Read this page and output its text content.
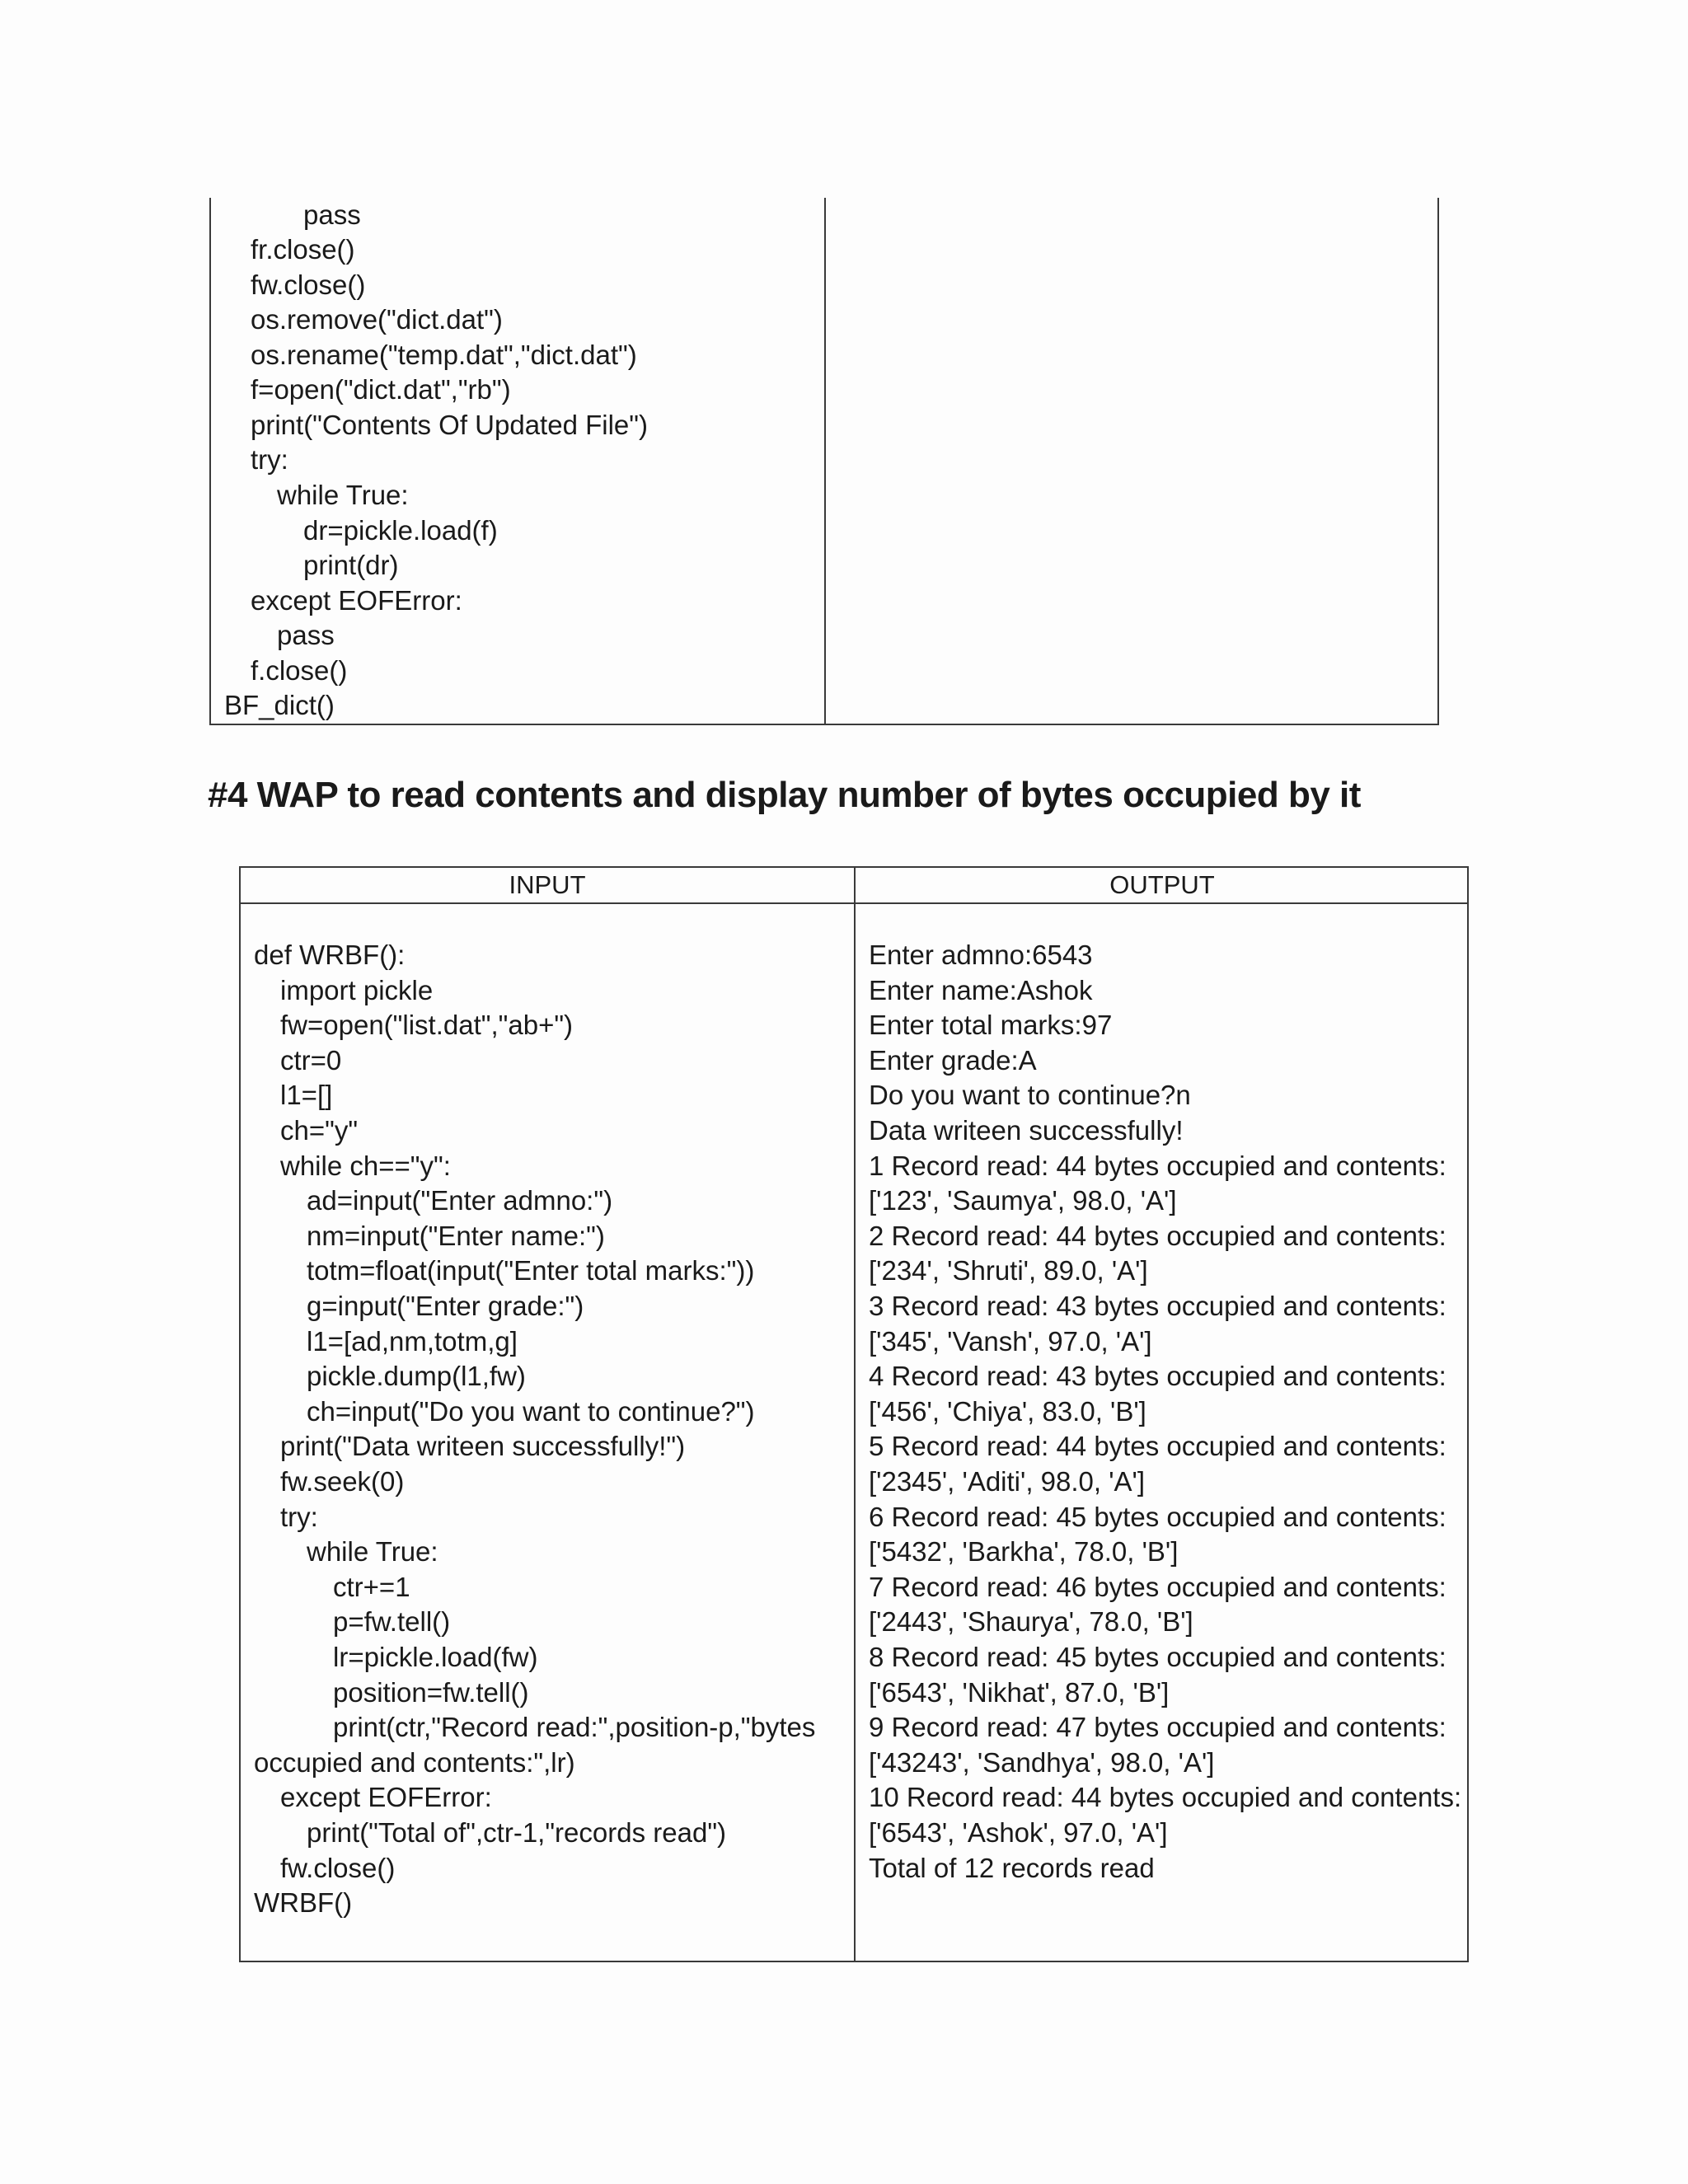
pass
fr.close()
fw.close()
os.remove("dict.dat")
os.rename("temp.dat","dict.dat")
f=open("dict.dat","rb")
print("Contents Of Updated File")
try:
while True:
dr=pickle.load(f)
print(dr)
except EOFError:
pass
f.close()
BF_dict()
#4 WAP to read contents and display number of bytes occupied by it
INPUT	OUTPUT
def WRBF():
import pickle
fw=open("list.dat","ab+")
ctr=0
l1=[]
ch="y"
while ch=="y":
ad=input("Enter admno:")
nm=input("Enter name:")
totm=float(input("Enter total marks:"))
g=input("Enter grade:")
l1=[ad,nm,totm,g]
pickle.dump(l1,fw)
ch=input("Do you want to continue?")
print("Data writeen successfully!")
fw.seek(0)
try:
while True:
ctr+=1
p=fw.tell()
lr=pickle.load(fw)
position=fw.tell()
print(ctr,"Record read:",position-p,"bytes
occupied and contents:",lr)
except EOFError:
print("Total of",ctr-1,"records read")
fw.close()
WRBF()
Enter admno:6543
Enter name:Ashok
Enter total marks:97
Enter grade:A
Do you want to continue?n
Data writeen successfully!
1 Record read: 44 bytes occupied and contents:
['123', 'Saumya', 98.0, 'A']
2 Record read: 44 bytes occupied and contents:
['234', 'Shruti', 89.0, 'A']
3 Record read: 43 bytes occupied and contents:
['345', 'Vansh', 97.0, 'A']
4 Record read: 43 bytes occupied and contents:
['456', 'Chiya', 83.0, 'B']
5 Record read: 44 bytes occupied and contents:
['2345', 'Aditi', 98.0, 'A']
6 Record read: 45 bytes occupied and contents:
['5432', 'Barkha', 78.0, 'B']
7 Record read: 46 bytes occupied and contents:
['2443', 'Shaurya', 78.0, 'B']
8 Record read: 45 bytes occupied and contents:
['6543', 'Nikhat', 87.0, 'B']
9 Record read: 47 bytes occupied and contents:
['43243', 'Sandhya', 98.0, 'A']
10 Record read: 44 bytes occupied and contents:
['6543', 'Ashok', 97.0, 'A']
Total of 12 records read
